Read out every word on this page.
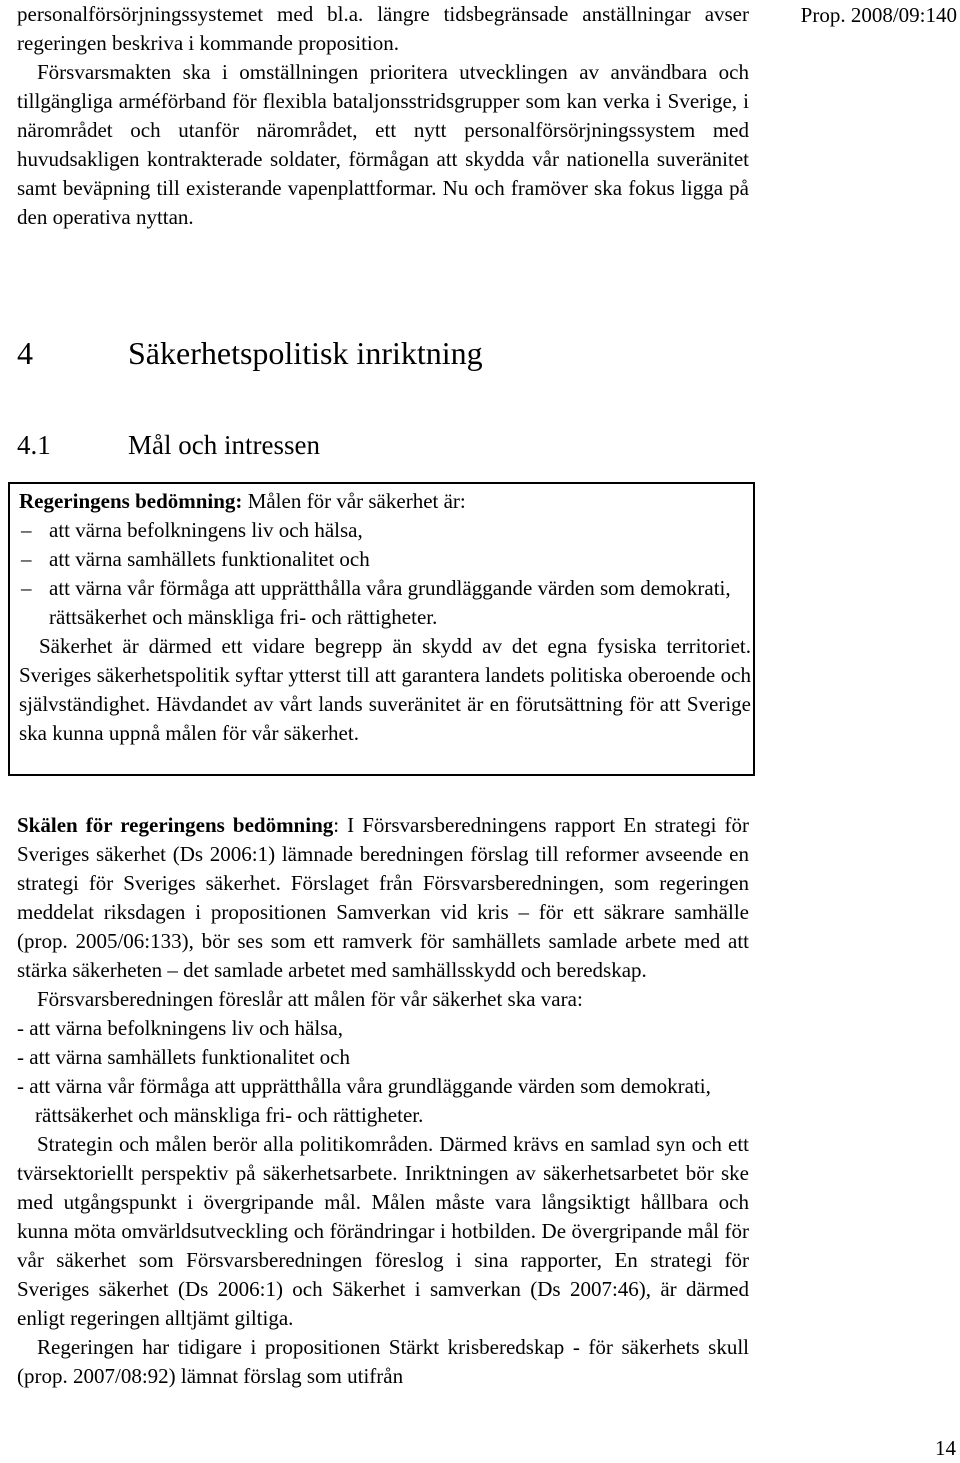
Prop. 2008/09:140

personalförsörjningssystemet med bl.a. längre tidsbegränsade anställningar avser regeringen beskriva i kommande proposition.

Försvarsmakten ska i omställningen prioritera utvecklingen av användbara och tillgängliga arméförband för flexibla bataljonsstridsgrupper som kan verka i Sverige, i närområdet och utanför närområdet, ett nytt personalförsörjningssystem med huvudsakligen kontrakterade soldater, förmågan att skydda vår nationella suveränitet samt beväpning till existerande vapenplattformar. Nu och framöver ska fokus ligga på den operativa nyttan.

4	Säkerhetspolitisk inriktning
4.1	Mål och intressen

Regeringens bedömning: Målen för vår säkerhet är:

– att värna befolkningens liv och hälsa,

– att värna samhällets funktionalitet och

– att värna vår förmåga att upprätthålla våra grundläggande värden som demokrati, rättsäkerhet och mänskliga fri- och rättigheter.

Säkerhet är därmed ett vidare begrepp än skydd av det egna fysiska territoriet. Sveriges säkerhetspolitik syftar ytterst till att garantera landets politiska oberoende och självständighet. Hävdandet av vårt lands suveränitet är en förutsättning för att Sverige ska kunna uppnå målen för vår säkerhet.

Skälen för regeringens bedömning: I Försvarsberedningens rapport En strategi för Sveriges säkerhet (Ds 2006:1) lämnade beredningen förslag till reformer avseende en strategi för Sveriges säkerhet. Förslaget från Försvarsberedningen, som regeringen meddelat riksdagen i propositionen Samverkan vid kris – för ett säkrare samhälle (prop. 2005/06:133), bör ses som ett ramverk för samhällets samlade arbete med att stärka säkerheten – det samlade arbetet med samhällsskydd och beredskap.

Försvarsberedningen föreslår att målen för vår säkerhet ska vara:

- att värna befolkningens liv och hälsa,

- att värna samhällets funktionalitet och

- att värna vår förmåga att upprätthålla våra grundläggande värden som demokrati, rättsäkerhet och mänskliga fri- och rättigheter.

Strategin och målen berör alla politikområden. Därmed krävs en samlad syn och ett tvärsektoriellt perspektiv på säkerhetsarbete. Inriktningen av säkerhetsarbetet bör ske med utgångspunkt i övergripande mål. Målen måste vara långsiktigt hållbara och kunna möta omvärldsutveckling och förändringar i hotbilden. De övergripande mål för vår säkerhet som Försvarsberedningen föreslog i sina rapporter, En strategi för Sveriges säkerhet (Ds 2006:1) och Säkerhet i samverkan (Ds 2007:46), är därmed enligt regeringen alltjämt giltiga.

Regeringen har tidigare i propositionen Stärkt krisberedskap - för säkerhets skull (prop. 2007/08:92) lämnat förslag som utifrån

14
